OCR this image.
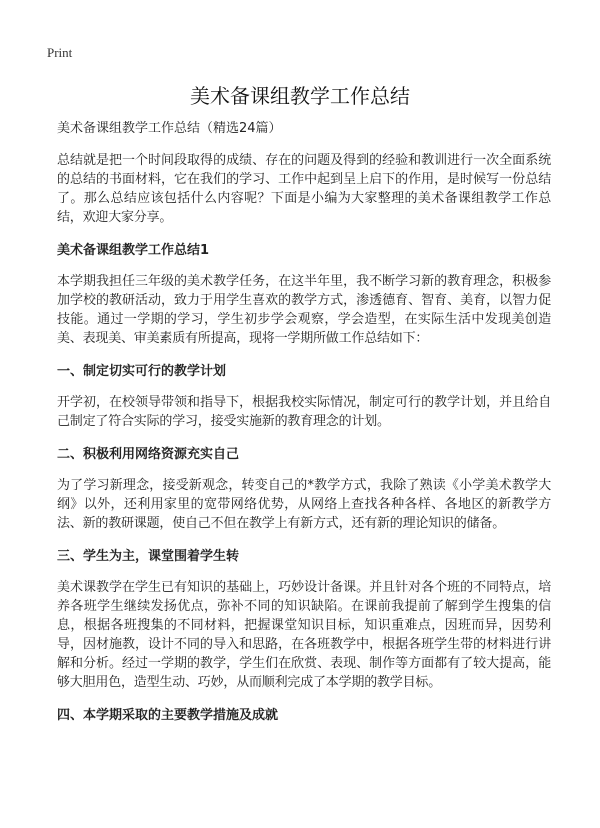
Print
美术备课组教学工作总结

美术备课组教学工作总结（精选24篇）

总结就是把一个时间段取得的成绩、存在的问题及得到的经验和教训进行一次全面系统的总结的书面材料，它在我们的学习、工作中起到呈上启下的作用，是时候写一份总结了。那么总结应该包括什么内容呢？下面是小编为大家整理的美术备课组教学工作总结，欢迎大家分享。

美术备课组教学工作总结1

本学期我担任三年级的美术教学任务，在这半年里，我不断学习新的教育理念，积极参加学校的教研活动，致力于用学生喜欢的教学方式，渗透德育、智育、美育，以智力促技能。通过一学期的学习，学生初步学会观察，学会造型，在实际生活中发现美创造美、表现美、审美素质有所提高，现将一学期所做工作总结如下：

一、制定切实可行的教学计划

开学初，在校领导带领和指导下，根据我校实际情况，制定可行的教学计划，并且给自己制定了符合实际的学习，接受实施新的教育理念的计划。

二、积极利用网络资源充实自己

为了学习新理念，接受新观念，转变自己的*教学方式，我除了熟读《小学美术教学大纲》以外，还利用家里的宽带网络优势，从网络上查找各种各样、各地区的新教学方法、新的教研课题，使自己不但在教学上有新方式，还有新的理论知识的储备。

三、学生为主，课堂围着学生转

美术课教学在学生已有知识的基础上，巧妙设计备课。并且针对各个班的不同特点，培养各班学生继续发扬优点，弥补不同的知识缺陷。在课前我提前了解到学生搜集的信息，根据各班搜集的不同材料，把握课堂知识目标，知识重难点，因班而异，因势利导，因材施教，设计不同的导入和思路，在各班教学中，根据各班学生带的材料进行讲解和分析。经过一学期的教学，学生们在欣赏、表现、制作等方面都有了较大提高，能够大胆用色，造型生动、巧妙，从而顺利完成了本学期的教学目标。

四、本学期采取的主要教学措施及成就
